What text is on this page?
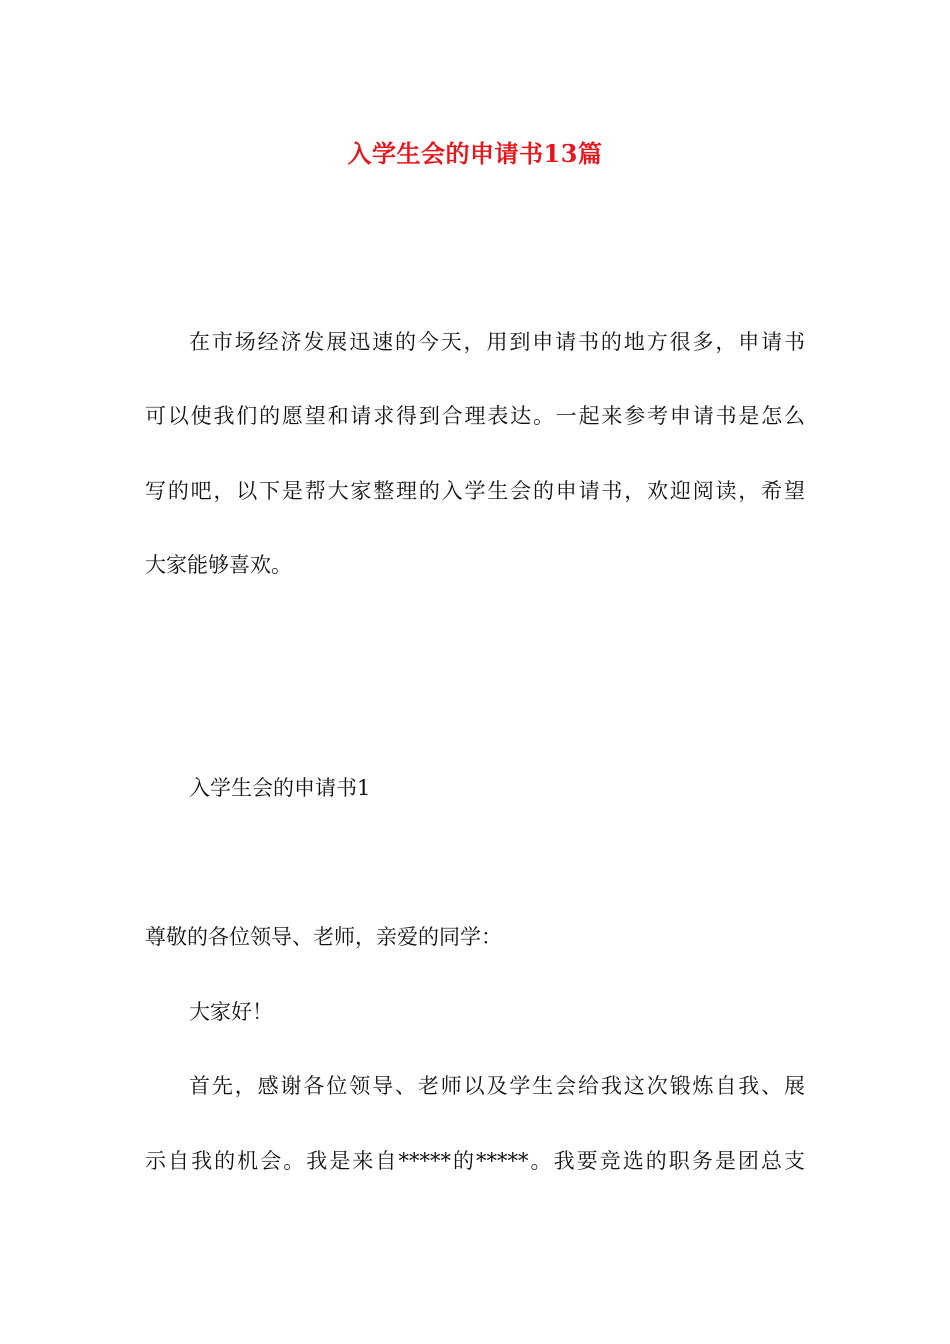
入学生会的申请书13篇
在市场经济发展迅速的今天，用到申请书的地方很多，申请书
可以使我们的愿望和请求得到合理表达。一起来参考申请书是怎么
写的吧，以下是帮大家整理的入学生会的申请书，欢迎阅读，希望
大家能够喜欢。
入学生会的申请书1
尊敬的各位领导、老师，亲爱的同学：
大家好！
首先，感谢各位领导、老师以及学生会给我这次锻炼自我、展
示自我的机会。我是来自*****的*****。我要竞选的职务是团总支
